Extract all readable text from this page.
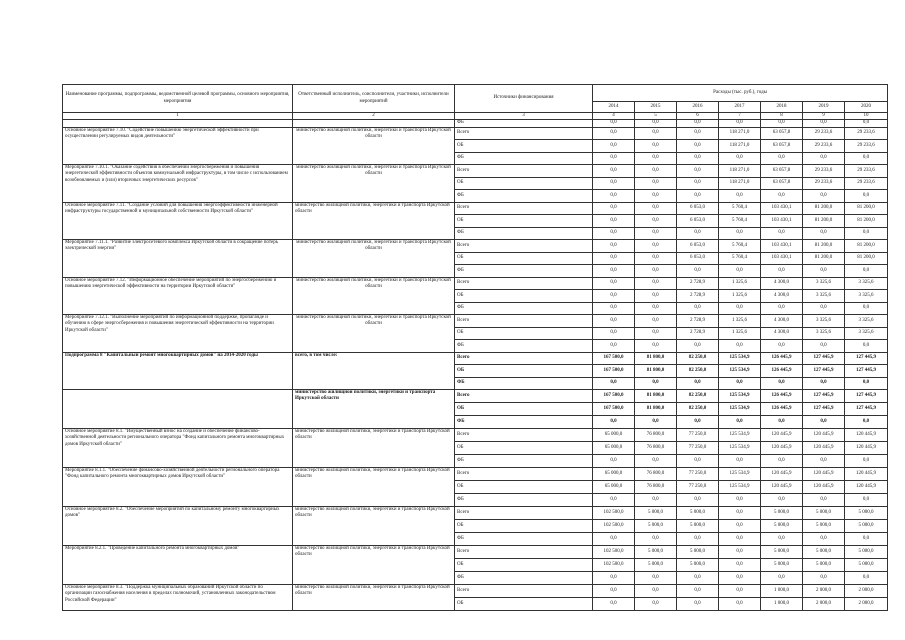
Наименование программы, подпрограммы, ведомственной целевой программы, основного мероприятия, мероприятия	Ответственный исполнитель, соисполнители, участники, исполнители мероприятий	Источники финансирования	Расходы (тыс. руб.), годы						
			2014	2015	2016	2017	2018	2019	2020
1	2	3	4	5	6	7	8	9	10
		ФБ	0,0	0,0	0,0	0,0	0,0	0,0	0,0
Основное мероприятие 7.10. "Содействие повышению энергетической эффективности при осуществлении регулируемых видов деятельности"	министерство жилищной политики, энергетики и транспорта Иркутской области	Всего	0,0	0,0	0,0	118 271,0	63 057,8	29 233,6	29 233,6
		ОБ	0,0	0,0	0,0	118 271,0	63 057,8	29 233,6	29 233,6
		ФБ	0,0	0,0	0,0	0,0	0,0	0,0	0,0
Мероприятие 7.10.1. "Оказание содействия в обеспечении энергосбережения и повышения энергетической эффективности объектов коммунальной инфраструктуры, в том числе с использованием возобновляемых и (или) вторичных энергетических ресурсов"	министерство жилищной политики, энергетики и транспорта Иркутской области	Всего	0,0	0,0	0,0	118 271,0	63 057,8	29 233,6	29 233,6
		ОБ	0,0	0,0	0,0	118 271,0	63 057,8	29 233,6	29 233,6
		ФБ	0,0	0,0	0,0	0,0	0,0	0,0	0,0
Основное мероприятие 7.11. "Создание условий для повышения энергоэффективности инженерной инфраструктуры государственной и муниципальной собственности Иркутской области"	министерство жилищной политики, энергетики и транспорта Иркутской области	Всего	0,0	0,0	6 053,0	5 760,4	103 430,1	81 200,0	81 200,0
		ОБ	0,0	0,0	6 053,0	5 760,4	103 430,1	81 200,0	81 200,0
		ФБ	0,0	0,0	0,0	0,0	0,0	0,0	0,0
Мероприятие 7.11.1. "Развитие электросетевого комплекса Иркутской области в сокращение потерь электрической энергии"	министерство жилищной политики, энергетики и транспорта Иркутской области	Всего	0,0	0,0	6 053,0	5 760,4	103 430,1	81 200,0	81 200,0
		ОБ	0,0	0,0	6 053,0	5 760,4	103 430,1	81 200,0	81 200,0
		ФБ	0,0	0,0	0,0	0,0	0,0	0,0	0,0
Основное мероприятие 7.12. "Информационное обеспечение мероприятий по энергосбережению и повышению энергетической эффективности на территории Иркутской области"	министерство жилищной политики, энергетики и транспорта Иркутской области	Всего	0,0	0,0	2 728,9	1 325,6	4 300,0	3 325,6	3 325,6
		ОБ	0,0	0,0	2 728,9	1 325,6	4 300,0	3 325,6	3 325,6
		ФБ	0,0	0,0	0,0	0,0	0,0	0,0	0,0
Мероприятие 7.12.1. "Выполнение мероприятий по информационной поддержке, пропаганде и обучению в сфере энергосбережения и повышения энергетической эффективности на территории Иркутской области"	министерство жилищной политики, энергетики и транспорта Иркутской области	Всего	0,0	0,0	2 728,9	1 325,6	4 300,0	3 325,6	3 325,6
		ОБ	0,0	0,0	2 728,9	1 325,6	4 300,0	3 325,6	3 325,6
		ФБ	0,0	0,0	0,0	0,0	0,0	0,0	0,0
Подпрограмма 8 "Капитальный ремонт многоквартирных домов" на 2014-2020 годы	всего, в том числе:	Всего	167 500,0	81 800,0	82 250,0	125 534,9	126 445,9	127 445,9	127 445,9
		ОБ	167 500,0	81 800,0	82 250,0	125 534,9	126 445,9	127 445,9	127 445,9
		ФБ	0,0	0,0	0,0	0,0	0,0	0,0	0,0
	министерство жилищной политики, энергетики и транспорта Иркутской области	Всего	167 500,0	81 800,0	82 250,0	125 534,9	126 445,9	127 445,9	127 445,9
		ОБ	167 500,0	81 800,0	82 250,0	125 534,9	126 445,9	127 445,9	127 445,9
		ФБ	0,0	0,0	0,0	0,0	0,0	0,0	0,0
Основное мероприятие 8.1. "Имущественный взнос на создание и обеспечение финансово-хозяйственной деятельности регионального оператора "Фонд капитального ремонта многоквартирных домов Иркутской области"	министерство жилищной политики, энергетики и транспорта Иркутской области	Всего	65 000,0	76 800,0	77 250,0	125 534,9	120 445,9	120 445,9	120 445,9
		ОБ	65 000,0	76 800,0	77 250,0	125 534,9	120 445,9	120 445,9	120 445,9
		ФБ	0,0	0,0	0,0	0,0	0,0	0,0	0,0
Мероприятие 8.1.1. "Обеспечение финансово-хозяйственной деятельности регионального оператора "Фонд капитального ремонта многоквартирных домов Иркутской области"	министерство жилищной политики, энергетики и транспорта Иркутской области	Всего	65 000,0	76 800,0	77 250,0	125 534,9	120 445,9	120 445,9	120 445,9
		ОБ	65 000,0	76 800,0	77 250,0	125 534,9	120 445,9	120 445,9	120 445,9
		ФБ	0,0	0,0	0,0	0,0	0,0	0,0	0,0
Основное мероприятие 8.2. "Обеспечение мероприятий по капитальному ремонту многоквартирных домов"	министерство жилищной политики, энергетики и транспорта Иркутской области	Всего	102 500,0	5 000,0	5 000,0	0,0	5 000,0	5 000,0	5 000,0
		ОБ	102 500,0	5 000,0	5 000,0	0,0	5 000,0	5 000,0	5 000,0
		ФБ	0,0	0,0	0,0	0,0	0,0	0,0	0,0
Мероприятие 8.2.1. "Проведение капитального ремонта многоквартирных домов"	министерство жилищной политики, энергетики и транспорта Иркутской области	Всего	102 500,0	5 000,0	5 000,0	0,0	5 000,0	5 000,0	5 000,0
		ОБ	102 500,0	5 000,0	5 000,0	0,0	5 000,0	5 000,0	5 000,0
		ФБ	0,0	0,0	0,0	0,0	0,0	0,0	0,0
Основное мероприятие 8.3. "Поддержка муниципальных образований Иркутской области по организации газоснабжения населения в пределах полномочий, установленных законодательством Российской Федерации"	министерство жилищной политики, энергетики и транспорта Иркутской области	Всего	0,0	0,0	0,0	0,0	1 000,0	2 000,0	2 000,0
		ОБ	0,0	0,0	0,0	0,0	1 000,0	2 000,0	2 000,0
